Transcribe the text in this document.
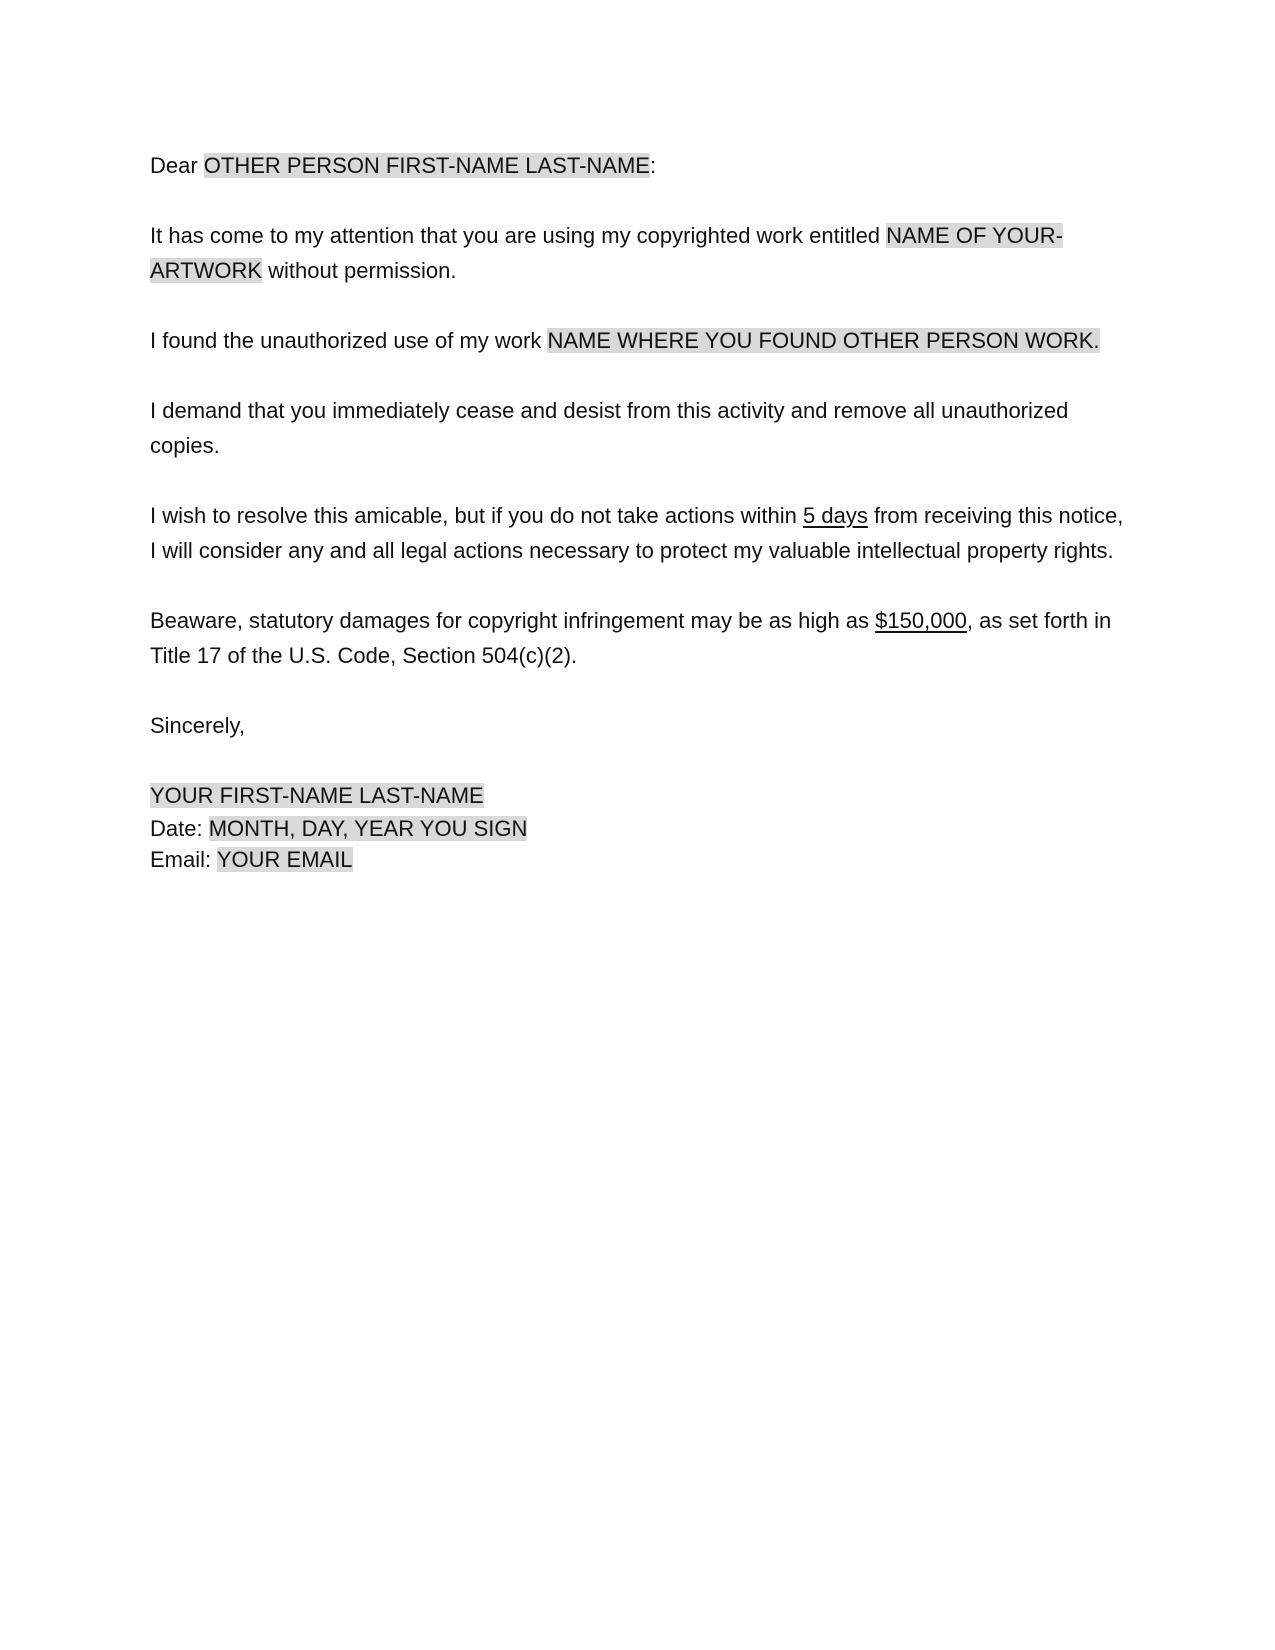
Dear OTHER PERSON FIRST-NAME LAST-NAME:

It has come to my attention that you are using my copyrighted work entitled NAME OF YOUR-ARTWORK without permission.

I found the unauthorized use of my work NAME WHERE YOU FOUND OTHER PERSON WORK.

I demand that you immediately cease and desist from this activity and remove all unauthorized copies.

I wish to resolve this amicable, but if you do not take actions within 5 days from receiving this notice, I will consider any and all legal actions necessary to protect my valuable intellectual property rights.

Beaware, statutory damages for copyright infringement may be as high as $150,000, as set forth in Title 17 of the U.S. Code, Section 504(c)(2).

Sincerely,

YOUR FIRST-NAME LAST-NAME

Date: MONTH, DAY, YEAR YOU SIGN

Email: YOUR EMAIL
